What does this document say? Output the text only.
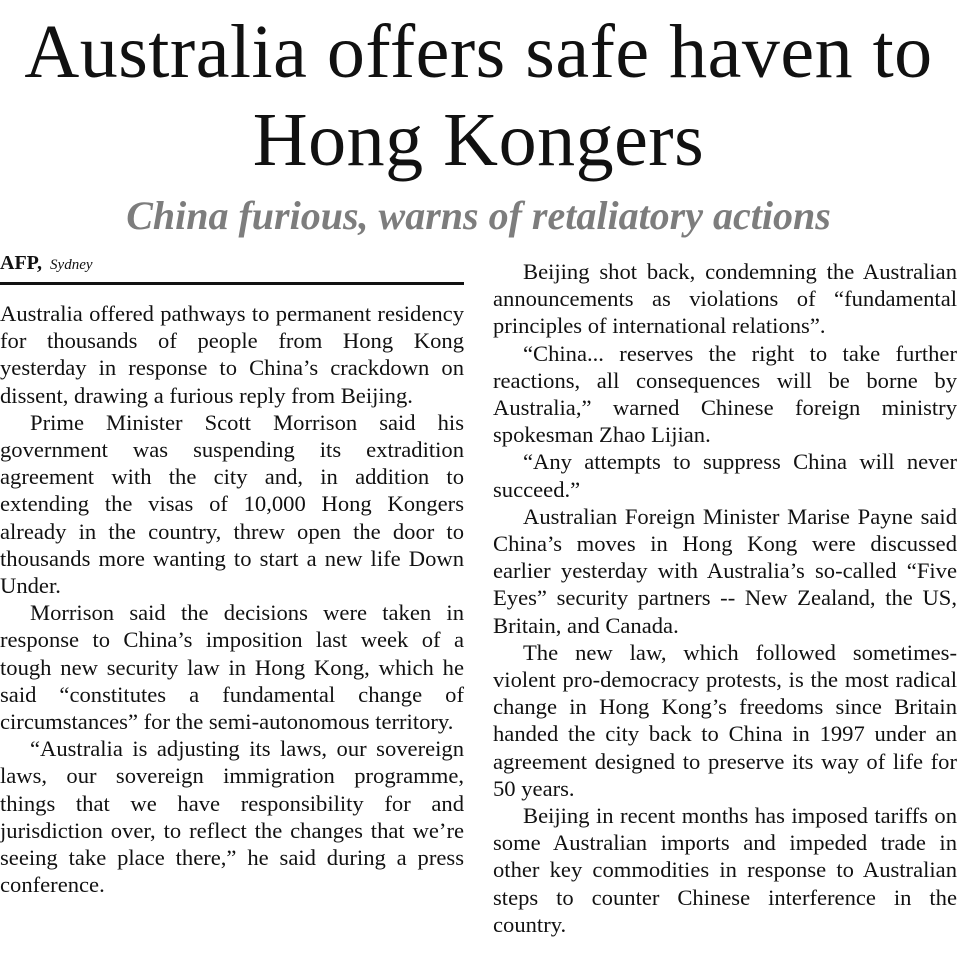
Australia offers safe haven to Hong Kongers
China furious, warns of retaliatory actions
AFP, Sydney

Australia offered pathways to permanent residency for thousands of people from Hong Kong yesterday in response to China’s crackdown on dissent, drawing a furious reply from Beijing.

Prime Minister Scott Morrison said his government was suspending its extradition agreement with the city and, in addition to extending the visas of 10,000 Hong Kongers already in the country, threw open the door to thousands more wanting to start a new life Down Under.

Morrison said the decisions were taken in response to China’s imposition last week of a tough new security law in Hong Kong, which he said “constitutes a fundamental change of circumstances” for the semi-autonomous territory.

“Australia is adjusting its laws, our sovereign laws, our sovereign immigration programme, things that we have responsibility for and jurisdiction over, to reflect the changes that we’re seeing take place there,” he said during a press conference.

Beijing shot back, condemning the Australian announcements as violations of “fundamental principles of international relations”.

“China... reserves the right to take further reactions, all consequences will be borne by Australia,” warned Chinese foreign ministry spokesman Zhao Lijian.

“Any attempts to suppress China will never succeed.”

Australian Foreign Minister Marise Payne said China’s moves in Hong Kong were discussed earlier yesterday with Australia’s so-called “Five Eyes” security partners -- New Zealand, the US, Britain, and Canada.

The new law, which followed sometimes-violent pro-democracy protests, is the most radical change in Hong Kong’s freedoms since Britain handed the city back to China in 1997 under an agreement designed to preserve its way of life for 50 years.

Beijing in recent months has imposed tariffs on some Australian imports and impeded trade in other key commodities in response to Australian steps to counter Chinese interference in the country.
